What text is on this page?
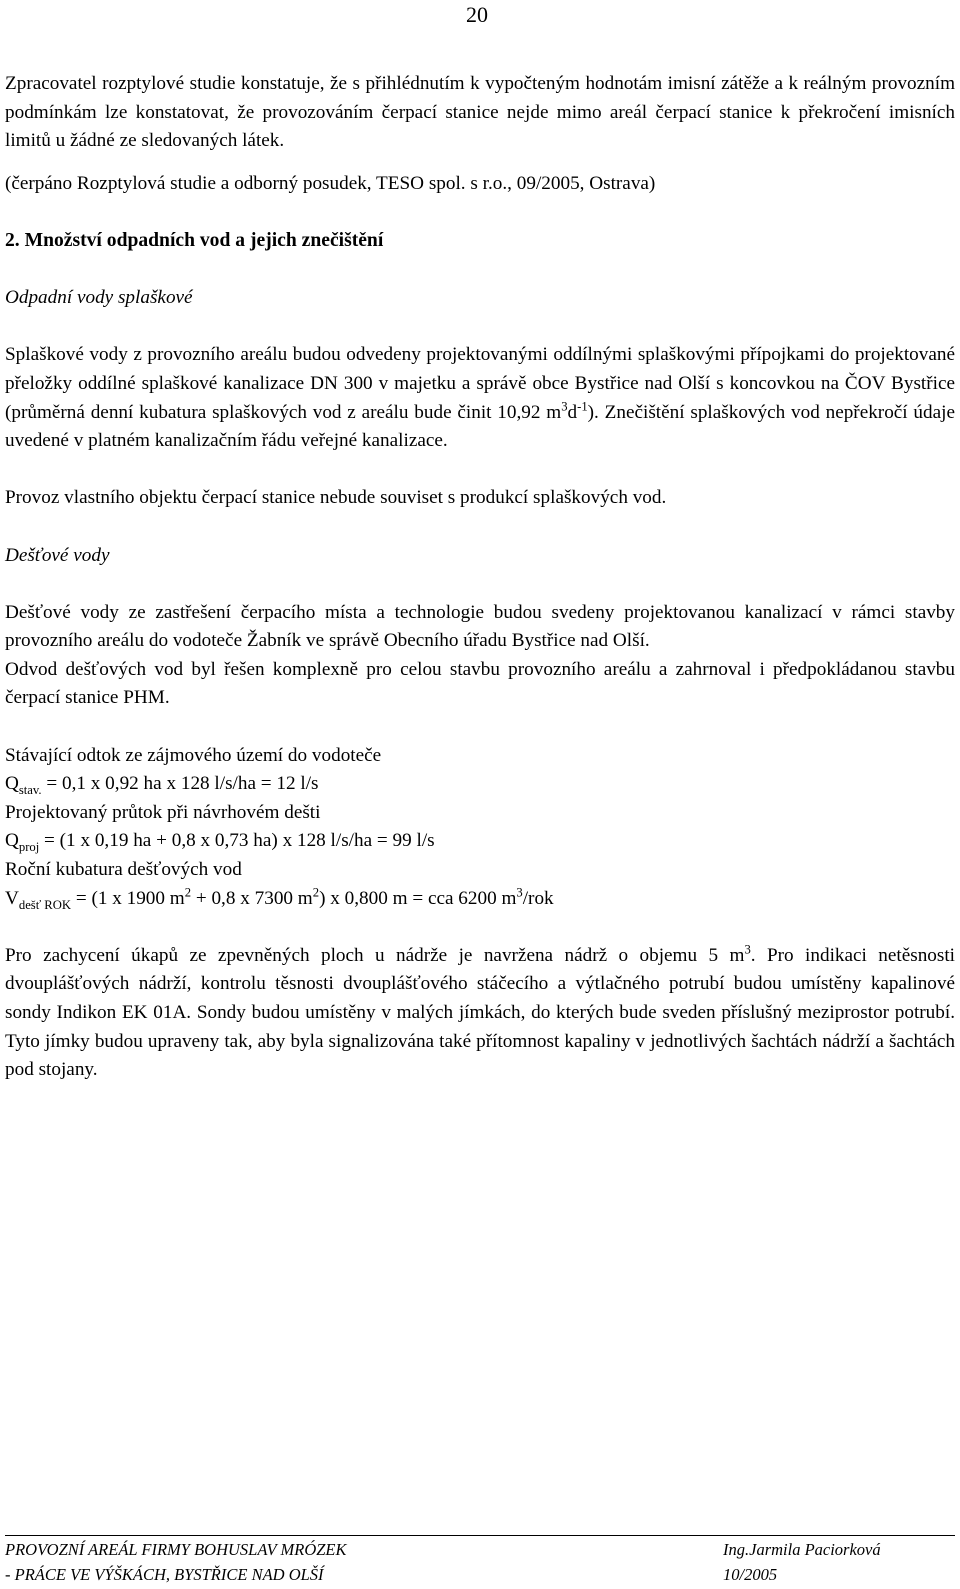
20

Zpracovatel rozptylové studie konstatuje, že s přihlédnutím k vypočteným hodnotám imisní zátěže a k reálným provozním podmínkám lze konstatovat, že provozováním čerpací stanice nejde mimo areál čerpací stanice k překročení imisních limitů u žádné ze sledovaných látek.

(čerpáno Rozptylová studie a odborný posudek, TESO spol. s r.o., 09/2005, Ostrava)

2. Množství odpadních vod a jejich znečištění

Odpadní vody splaškové

Splaškové vody z provozního areálu budou odvedeny projektovanými oddílnými splaškovými přípojkami do projektované přeložky oddílné splaškové kanalizace DN 300 v majetku a správě obce Bystřice nad Olší s koncovkou na ČOV Bystřice (průměrná denní kubatura splaškových vod z areálu bude činit 10,92 $m^3d^{-1}$). Znečištění splaškových vod nepřekročí údaje uvedené v platném kanalizačním řádu veřejné kanalizace.

Provoz vlastního objektu čerpací stanice nebude souviset s produkcí splaškových vod.

Dešťové vody

Dešťové vody ze zastřešení čerpacího místa a technologie budou svedeny projektovanou kanalizací v rámci stavby provozního areálu do vodoteče Žabník ve správě Obecního úřadu Bystřice nad Olší.

Odvod dešťových vod byl řešen komplexně pro celou stavbu provozního areálu a zahrnoval i předpokládanou stavbu čerpací stanice PHM.

Stávající odtok ze zájmového území do vodoteče

$Q_{stav.} = 0,1$ x 0,92 ha x 128 l/s/ha = 12 l/s

Projektovaný průtok při návrhovém dešti

$Q_{proj} = (1$ x 0,19 ha + 0,8 x 0,73 ha) x 128 l/s/ha = 99 l/s

Roční kubatura dešťových vod

$V_{dešť ROK} = (1$ x 1900 $m^2 + 0,8$ x 7300 $m^2$) x 0,800 m = cca 6200 $m^3$/rok

Pro zachycení úkapů ze zpevněných ploch u nádrže je navržena nádrž o objemu 5 $m^3$. Pro indikaci netěsnosti dvouplášťových nádrží, kontrolu těsnosti dvouplášťového stáčecího a výtlačného potrubí budou umístěny kapalinové sondy Indikon EK 01A. Sondy budou umístěny v malých jímkách, do kterých bude sveden příslušný meziprostor potrubí. Tyto jímky budou upraveny tak, aby byla signalizována také přítomnost kapaliny v jednotlivých šachtách nádrží a šachtách pod stojany.

PROVOZNÍ AREÁL FIRMY BOHUSLAV MRÓZEK	Ing.Jarmila Paciorková
- PRÁCE VE VÝŠKÁCH, BYSTŘICE NAD OLŠÍ	10/2005
